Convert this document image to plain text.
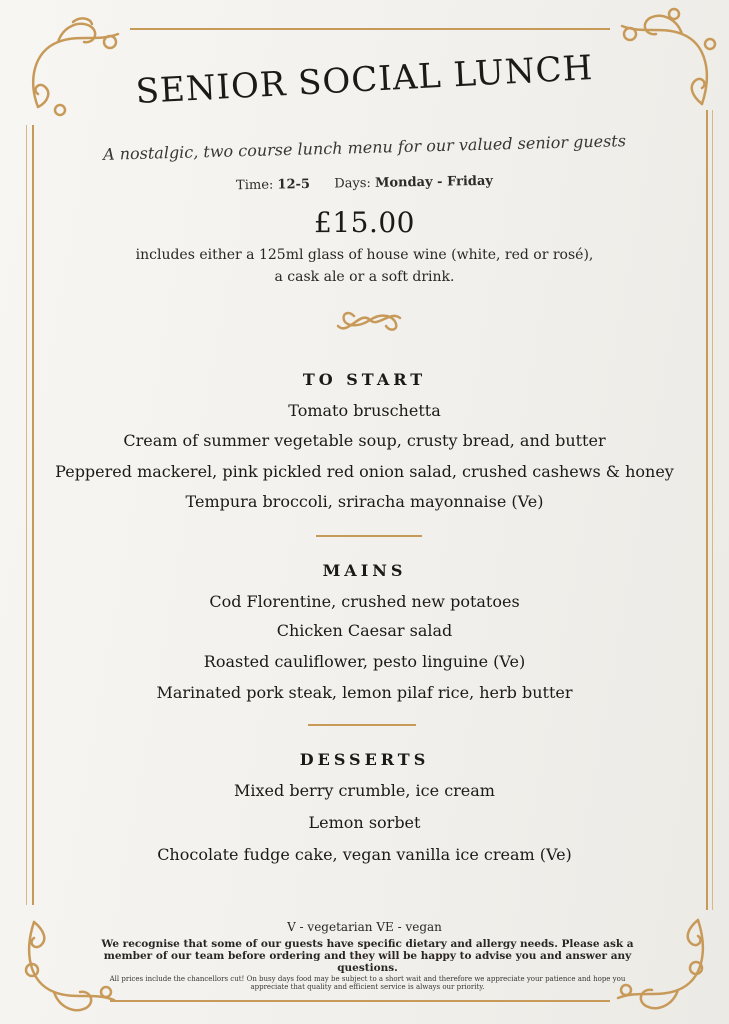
SENIOR SOCIAL LUNCH
A nostalgic, two course lunch menu for our valued senior guests
Time: 12-5 Days: Monday - Friday
£15.00
includes either a 125ml glass of house wine (white, red or rosé),
a cask ale or a soft drink.
TO START
Tomato bruschetta
Cream of summer vegetable soup, crusty bread, and butter
Peppered mackerel, pink pickled red onion salad, crushed cashews & honey
Tempura broccoli, sriracha mayonnaise (Ve)
MAINS
Cod Florentine, crushed new potatoes
Chicken Caesar salad
Roasted cauliflower, pesto linguine (Ve)
Marinated pork steak, lemon pilaf rice, herb butter
DESSERTS
Mixed berry crumble, ice cream
Lemon sorbet
Chocolate fudge cake, vegan vanilla ice cream (Ve)
V - vegetarian VE - vegan
We recognise that some of our guests have specific dietary and allergy needs. Please ask a member of our team before ordering and they will be happy to advise you and answer any questions.
All prices include the chancellors cut! On busy days food may be subject to a short wait and therefore we appreciate your patience and hope you appreciate that quality and efficient service is always our priority.
